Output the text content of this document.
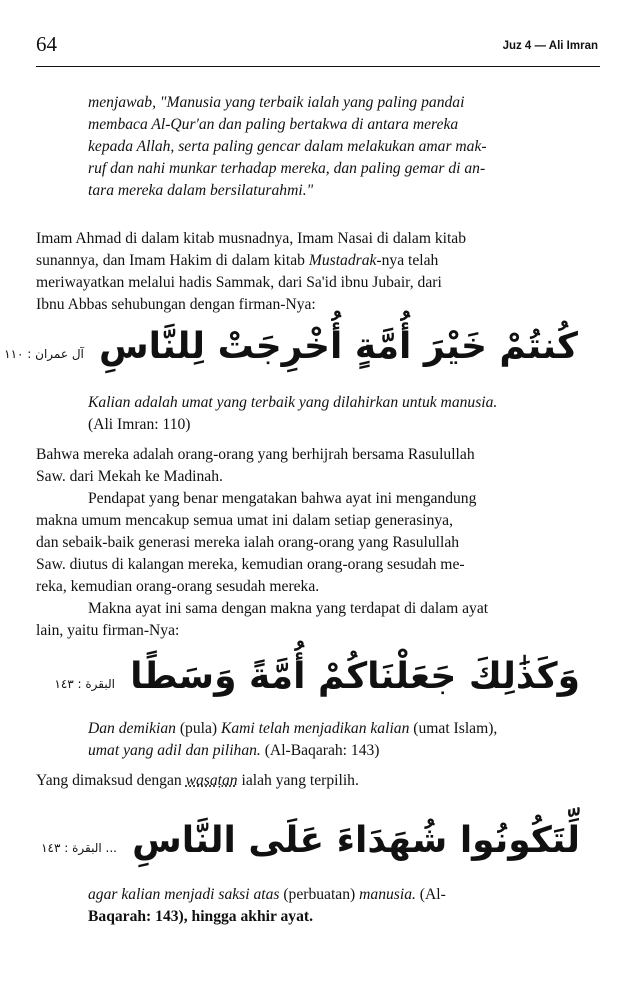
64	Juz 4 — Ali Imran

menjawab, "Manusia yang terbaik ialah yang paling pandai

membaca Al-Qur'an dan paling bertakwa di antara mereka

kepada Allah, serta paling gencar dalam melakukan amar mak-

ruf dan nahi munkar terhadap mereka, dan paling gemar di an-

tara mereka dalam bersilaturahmi."

Imam Ahmad di dalam kitab musnadnya, Imam Nasai di dalam kitab

sunannya, dan Imam Hakim di dalam kitab Mustadrak-nya telah

meriwayatkan melalui hadis Sammak, dari Sa'id ibnu Jubair, dari

Ibnu Abbas sehubungan dengan firman-Nya:

كُنتُمْ خَيْرَ أُمَّةٍ أُخْرِجَتْ لِلنَّاسِ آل عمران : ١١٠

Kalian adalah umat yang terbaik yang dilahirkan untuk manusia.

(Ali Imran: 110)

Bahwa mereka adalah orang-orang yang berhijrah bersama Rasulullah

Saw. dari Mekah ke Madinah.

Pendapat yang benar mengatakan bahwa ayat ini mengandung

makna umum mencakup semua umat ini dalam setiap generasinya,

dan sebaik-baik generasi mereka ialah orang-orang yang Rasulullah

Saw. diutus di kalangan mereka, kemudian orang-orang sesudah me-

reka, kemudian orang-orang sesudah mereka.

Makna ayat ini sama dengan makna yang terdapat di dalam ayat

lain, yaitu firman-Nya:

وَكَذَٰلِكَ جَعَلْنَاكُمْ أُمَّةً وَسَطًا البقرة : ١٤٣

Dan demikian (pula) Kami telah menjadikan kalian (umat Islam),

umat yang adil dan pilihan. (Al-Baqarah: 143)

Yang dimaksud dengan wasaṭan ialah yang terpilih.

لِّتَكُونُوا شُهَدَاءَ عَلَى النَّاسِ ... البقرة : ١٤٣

agar kalian menjadi saksi atas (perbuatan) manusia. (Al-

Baqarah: 143), hingga akhir ayat.
